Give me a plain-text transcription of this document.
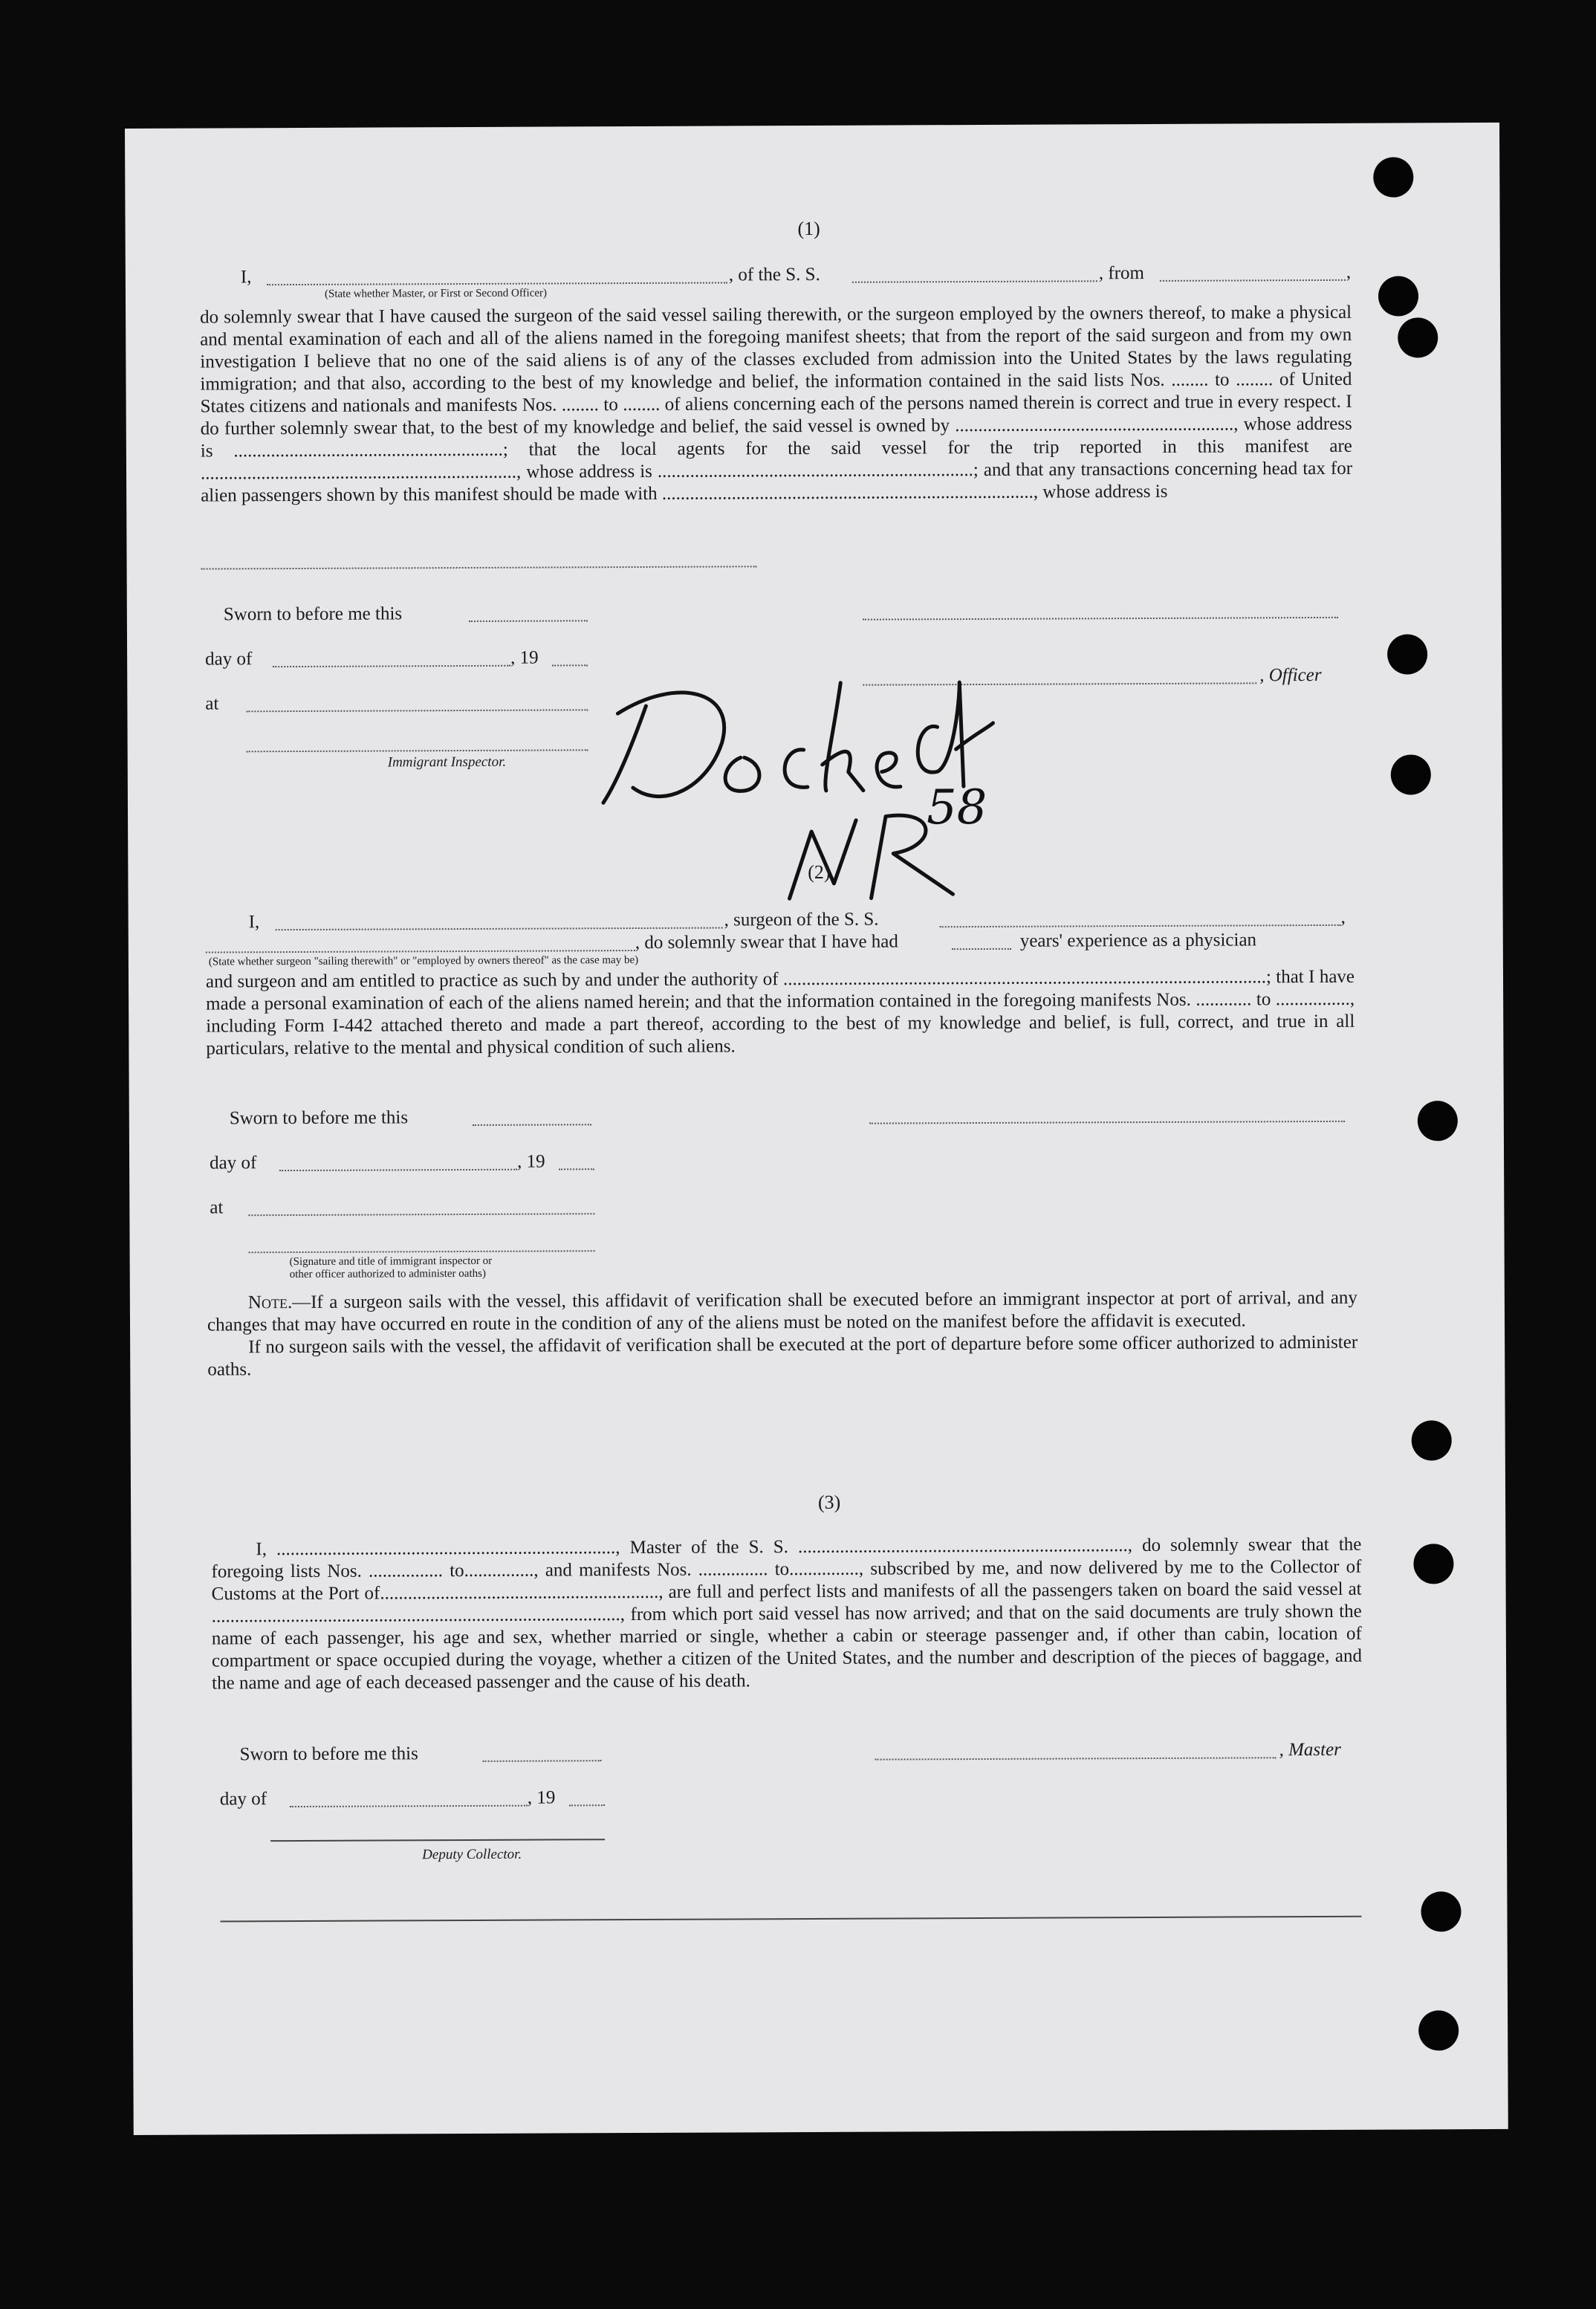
(1)
I,	, of the S. S.	, from	,
(State whether Master, or First or Second Officer)

do solemnly swear that I have caused the surgeon of the said vessel sailing therewith, or the surgeon employed by the owners thereof, to make a physical and mental examination of each and all of the aliens named in the foregoing manifest sheets; that from the report of the said surgeon and from my own investigation I believe that no one of the said aliens is of any of the classes excluded from admission into the United States by the laws regulating immigration; and that also, according to the best of my knowledge and belief, the information contained in the said lists Nos. ........ to ........ of United States citizens and nationals and manifests Nos. ........ to ........ of aliens concerning each of the persons named therein is correct and true in every respect. I do further solemnly swear that, to the best of my knowledge and belief, the said vessel is owned by ............................................................, whose address is ..........................................................; that the local agents for the said vessel for the trip reported in this manifest are ...................................................................., whose address is ....................................................................; and that any transactions concerning head tax for alien passengers shown by this manifest should be made with ................................................................................, whose address is

Sworn to before me this
day of	, 19
, Officer
at
Immigrant Inspector.
58
(2)
I,	, surgeon of the S. S.	,
, do solemnly swear that I have had	years' experience as a physician
(State whether surgeon "sailing therewith" or "employed by owners thereof" as the case may be)

and surgeon and am entitled to practice as such by and under the authority of ........................................................................................................; that I have made a personal examination of each of the aliens named herein; and that the information contained in the foregoing manifests Nos. ............ to ................, including Form I-442 attached thereto and made a part thereof, according to the best of my knowledge and belief, is full, correct, and true in all particulars, relative to the mental and physical condition of such aliens.

Sworn to before me this
day of	, 19
at
(Signature and title of immigrant inspector or
other officer authorized to administer oaths)

Note.—If a surgeon sails with the vessel, this affidavit of verification shall be executed before an immigrant inspector at port of arrival, and any changes that may have occurred en route in the condition of any of the aliens must be noted on the manifest before the affidavit is executed.

If no surgeon sails with the vessel, the affidavit of verification shall be executed at the port of departure before some officer authorized to administer oaths.

(3)

I, ........................................................................., Master of the S. S. ......................................................................., do solemnly swear that the foregoing lists Nos. ................ to..............., and manifests Nos. ............... to..............., subscribed by me, and now delivered by me to the Collector of Customs at the Port of............................................................, are full and perfect lists and manifests of all the passengers taken on board the said vessel at ........................................................................................, from which port said vessel has now arrived; and that on the said documents are truly shown the name of each passenger, his age and sex, whether married or single, whether a cabin or steerage passenger and, if other than cabin, location of compartment or space occupied during the voyage, whether a citizen of the United States, and the number and description of the pieces of baggage, and the name and age of each deceased passenger and the cause of his death.

Sworn to before me this	, Master
day of	, 19
Deputy Collector.
